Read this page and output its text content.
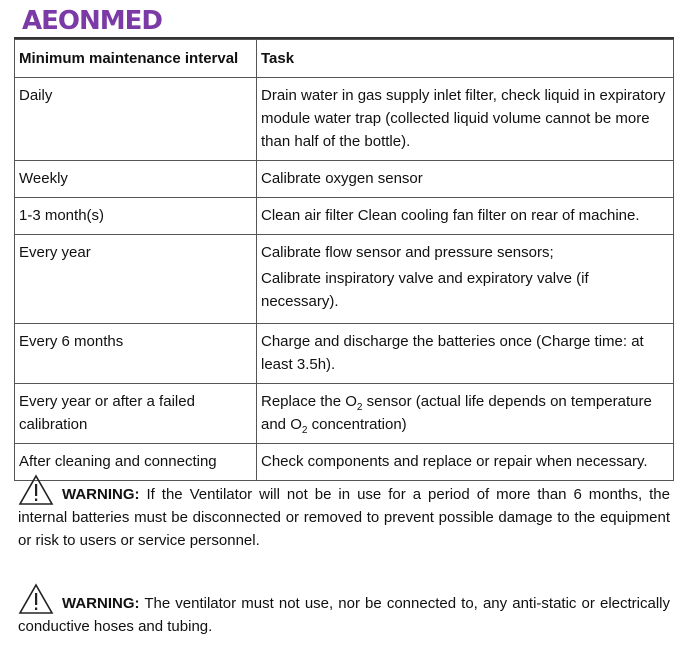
AEONMED
Minimum maintenance interval	Task
Daily	Drain water in gas supply inlet filter, check liquid in expiratory module water trap (collected liquid volume cannot be more than half of the bottle).
Weekly	Calibrate oxygen sensor
1-3 month(s)	Clean air filter Clean cooling fan filter on rear of machine.
Every year	Calibrate flow sensor and pressure sensors;
Calibrate inspiratory valve and expiratory valve (if necessary).

Every 6 months	Charge and discharge the batteries once (Charge time: at least 3.5h).
Every year or after a failed calibration	Replace the $O_2$ sensor (actual life depends on temperature and $O_2$ concentration)
After cleaning and connecting	Check components and replace or repair when necessary.
WARNING: If the Ventilator will not be in use for a period of more than 6 months, the internal batteries must be disconnected or removed to prevent possible damage to the equipment or risk to users or service personnel.
WARNING: The ventilator must not use, nor be connected to, any anti-static or electrically conductive hoses and tubing.
